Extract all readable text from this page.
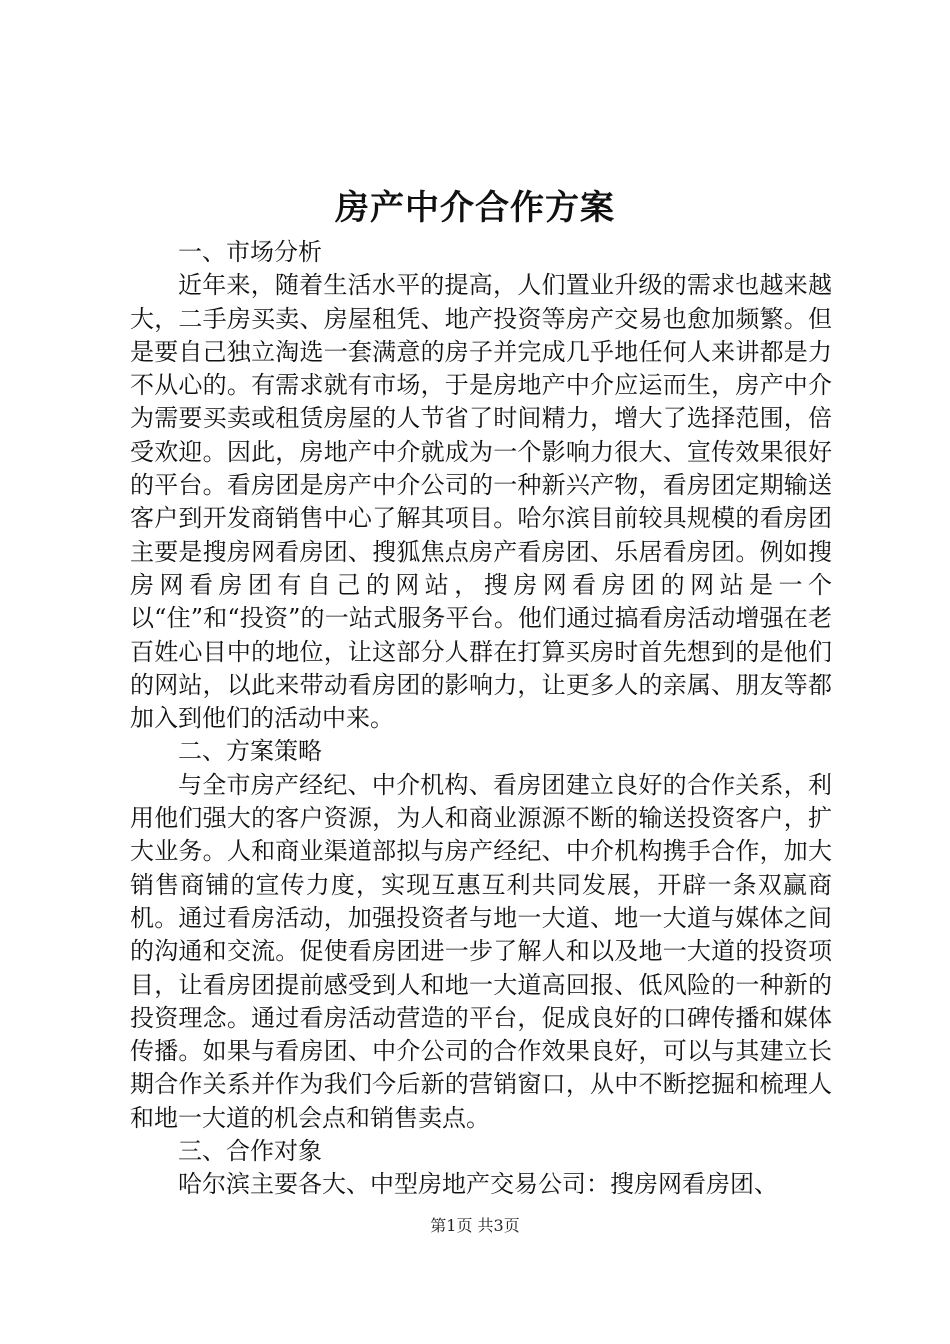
房产中介合作方案

一、市场分析

近年来，随着生活水平的提高，人们置业升级的需求也越来越大，二手房买卖、房屋租凭、地产投资等房产交易也愈加频繁。但是要自己独立淘选一套满意的房子并完成几乎地任何人来讲都是力不从心的。有需求就有市场，于是房地产中介应运而生，房产中介为需要买卖或租赁房屋的人节省了时间精力，增大了选择范围，倍受欢迎。因此，房地产中介就成为一个影响力很大、宣传效果很好的平台。看房团是房产中介公司的一种新兴产物，看房团定期输送客户到开发商销售中心了解其项目。哈尔滨目前较具规模的看房团主要是搜房网看房团、搜狐焦点房产看房团、乐居看房团。例如搜房网看房团有自己的网站，搜房网看房团的网站是一个以“住”和“投资”的一站式服务平台。他们通过搞看房活动增强在老百姓心目中的地位，让这部分人群在打算买房时首先想到的是他们的网站，以此来带动看房团的影响力，让更多人的亲属、朋友等都加入到他们的活动中来。

二、方案策略

与全市房产经纪、中介机构、看房团建立良好的合作关系，利用他们强大的客户资源，为人和商业源源不断的输送投资客户，扩大业务。人和商业渠道部拟与房产经纪、中介机构携手合作，加大销售商铺的宣传力度，实现互惠互利共同发展，开辟一条双赢商机。通过看房活动，加强投资者与地一大道、地一大道与媒体之间的沟通和交流。促使看房团进一步了解人和以及地一大道的投资项目，让看房团提前感受到人和地一大道高回报、低风险的一种新的投资理念。通过看房活动营造的平台，促成良好的口碑传播和媒体传播。如果与看房团、中介公司的合作效果良好，可以与其建立长期合作关系并作为我们今后新的营销窗口，从中不断挖掘和梳理人和地一大道的机会点和销售卖点。

三、合作对象

哈尔滨主要各大、中型房地产交易公司：搜房网看房团、

第1页 共3页
